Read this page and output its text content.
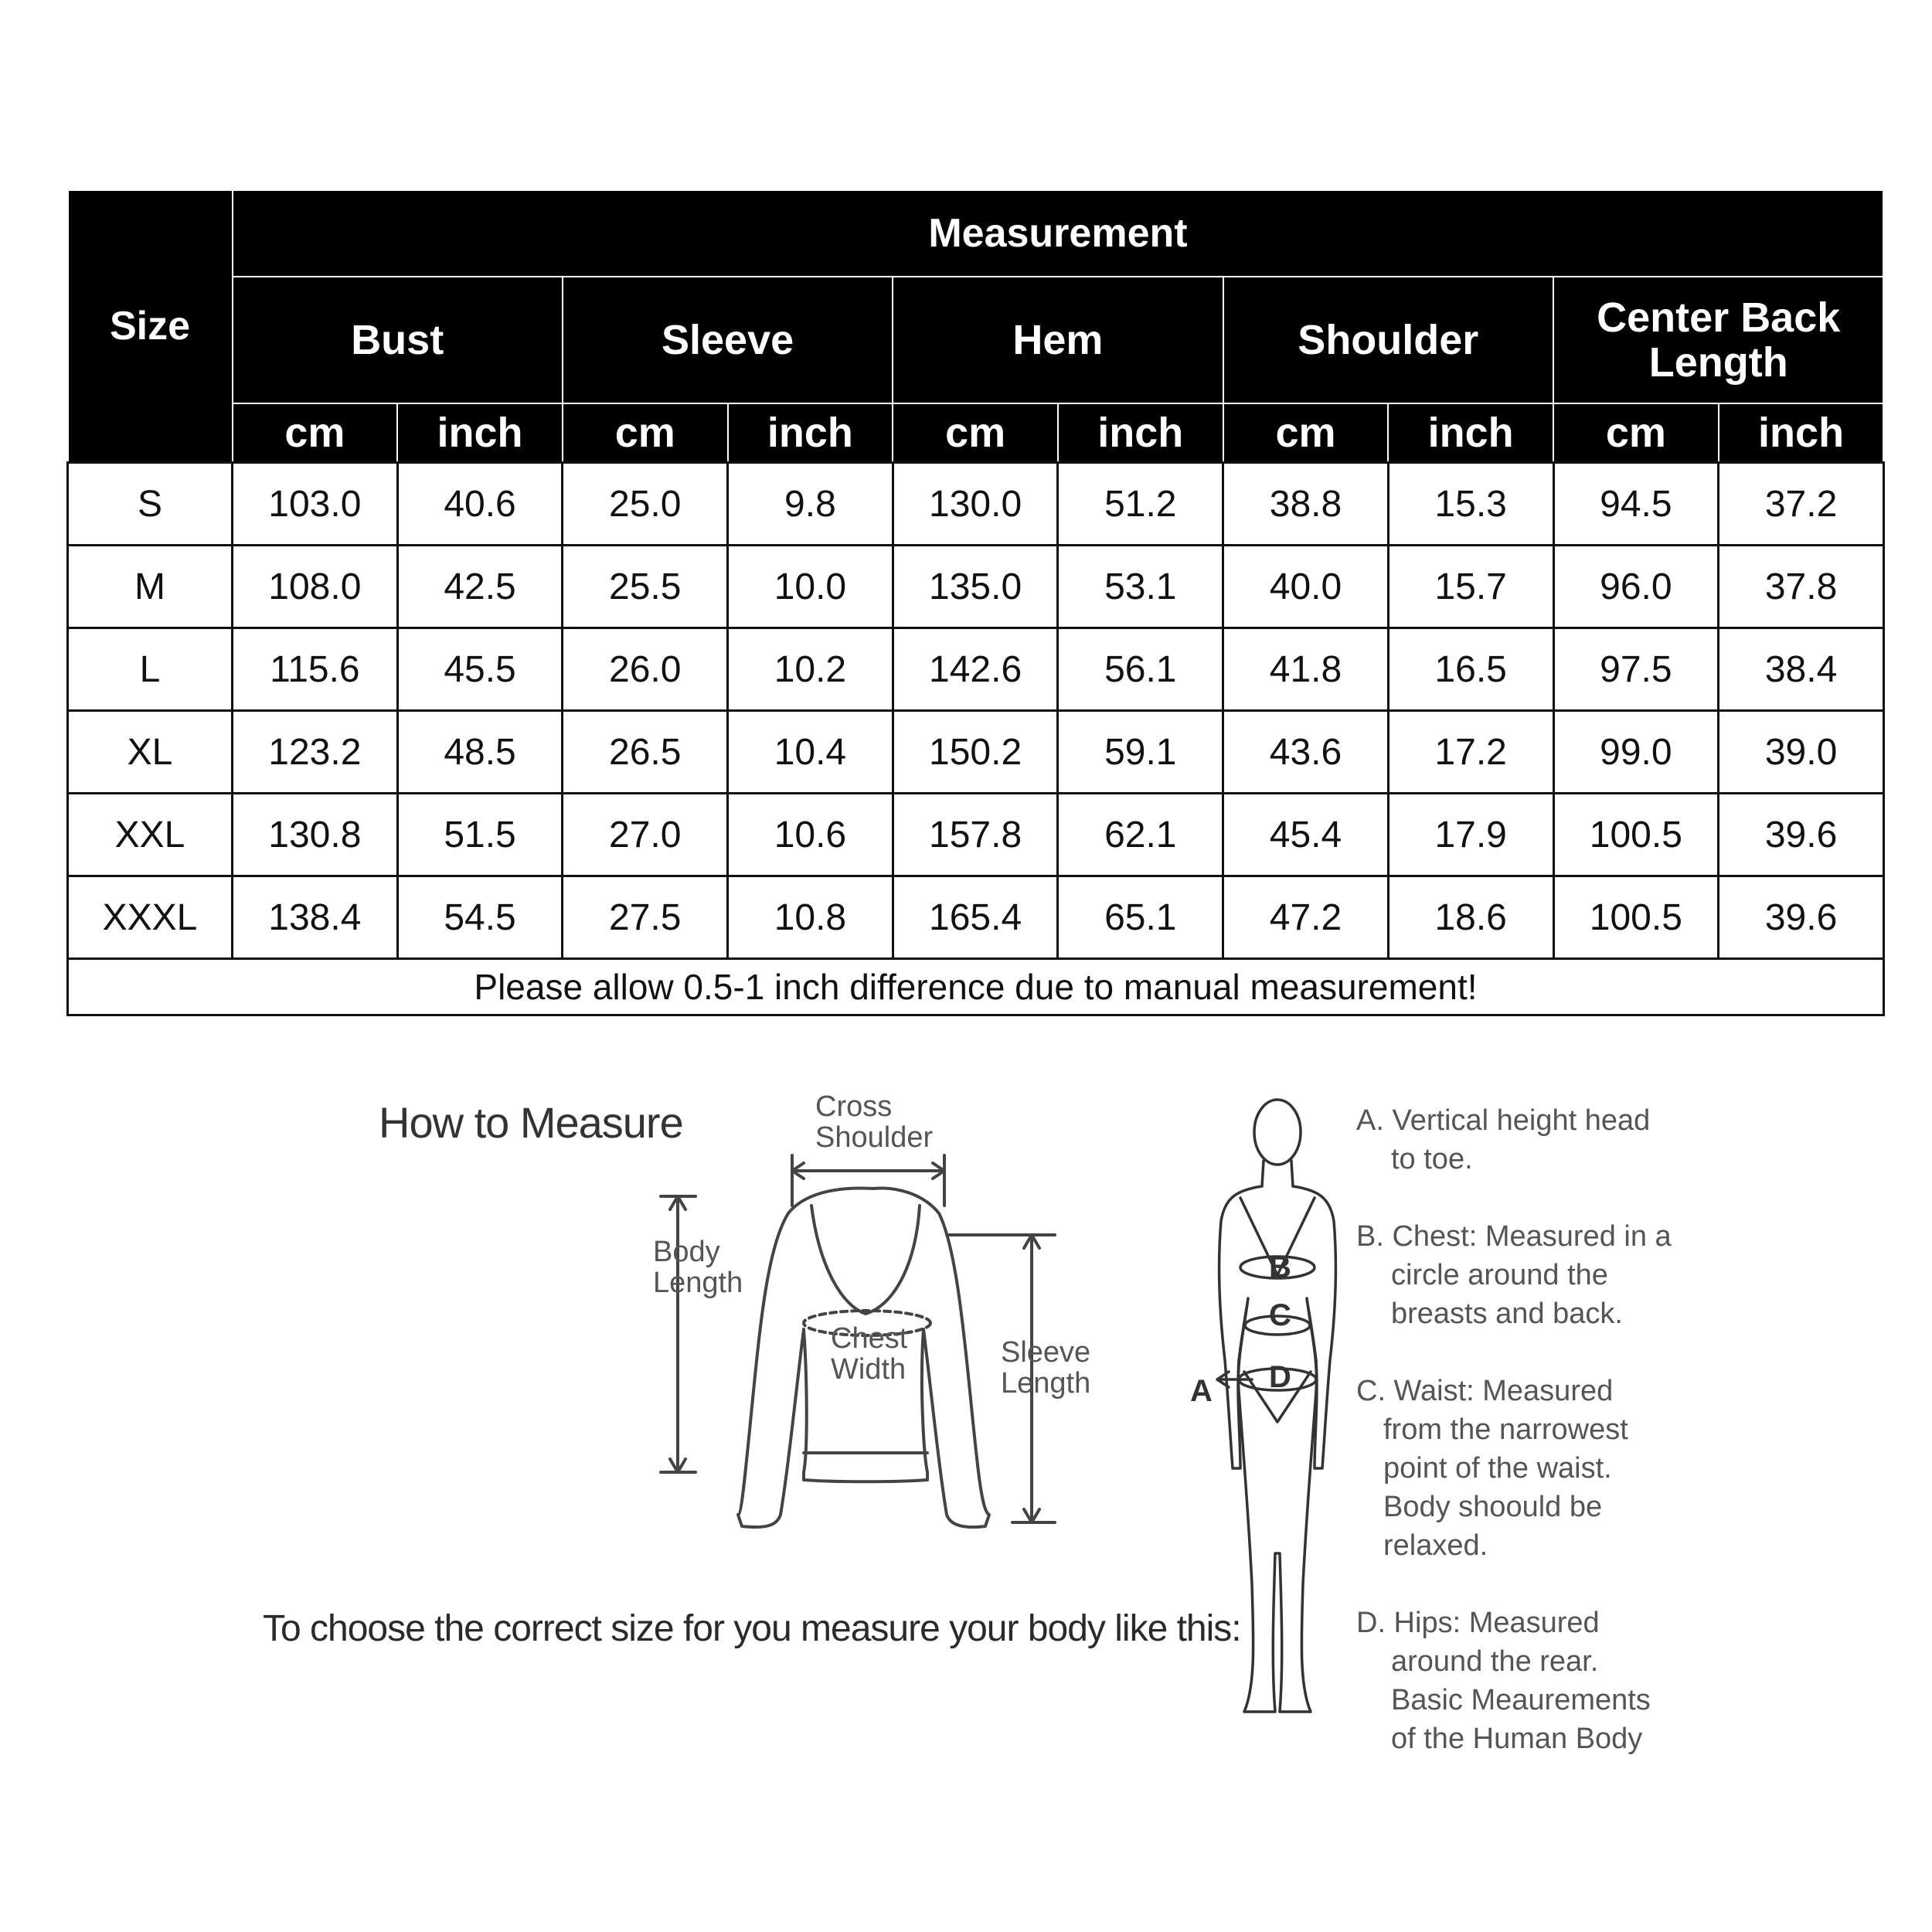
Size	Measurement									
	Bust		Sleeve		Hem		Shoulder		Center Back Length	
	cm	inch	cm	inch	cm	inch	cm	inch	cm	inch
S	103.0	40.6	25.0	9.8	130.0	51.2	38.8	15.3	94.5	37.2
M	108.0	42.5	25.5	10.0	135.0	53.1	40.0	15.7	96.0	37.8
L	115.6	45.5	26.0	10.2	142.6	56.1	41.8	16.5	97.5	38.4
XL	123.2	48.5	26.5	10.4	150.2	59.1	43.6	17.2	99.0	39.0
XXL	130.8	51.5	27.0	10.6	157.8	62.1	45.4	17.9	100.5	39.6
XXXL	138.4	54.5	27.5	10.8	165.4	65.1	47.2	18.6	100.5	39.6
Please allow 0.5-1 inch difference due to manual measurement!										
How to Measure	Cross
Shoulder
Body
Length
Chest
Width
Sleeve
Length
B
C
D
A
A. Vertical height head
to toe.
B. Chest: Measured in a
circle around the
breasts and back.
C. Waist: Measured
from the narrowest
point of the waist.
Body shoould be
relaxed.
D. Hips: Measured
around the rear.
Basic Meaurements
of the Human Body
To choose the correct size for you measure your body like this:
